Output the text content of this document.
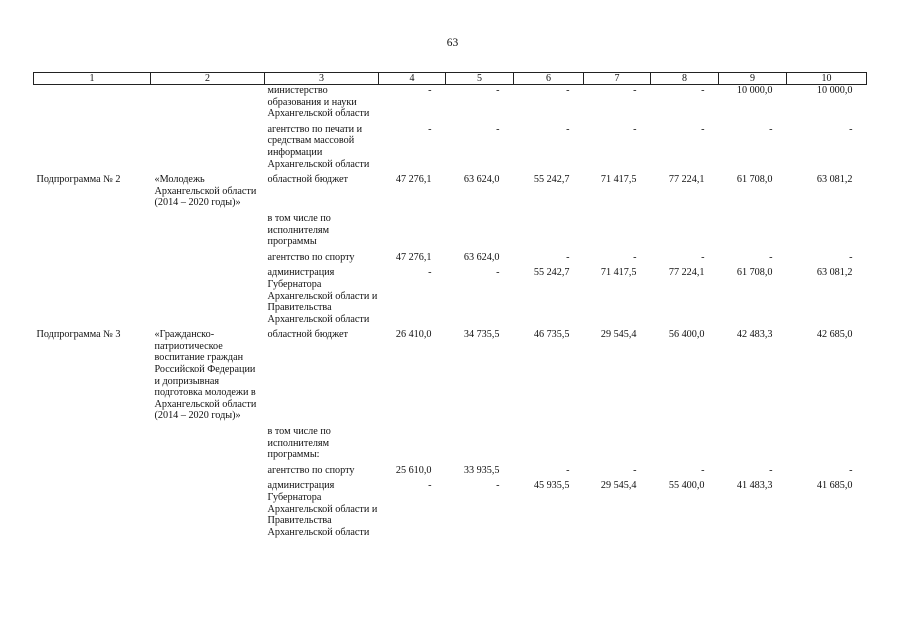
63
1	2	3	4	5	6	7	8	9	10
		министерство образования и науки Архангельской области	-	-	-	-	-	10 000,0	10 000,0
		агентство по печати и средствам массовой информации Архангельской области	-	-	-	-	-	-	-
Подпрограмма № 2	«Молодежь Архангельской области (2014 – 2020 годы)»	областной бюджет	47 276,1	63 624,0	55 242,7	71 417,5	77 224,1	61 708,0	63 081,2
		в том числе по исполнителям программы							
		агентство по спорту	47 276,1	63 624,0	-	-	-	-	-
		администрация Губернатора Архангельской области и Правительства Архангельской области	-	-	55 242,7	71 417,5	77 224,1	61 708,0	63 081,2
Подпрограмма № 3	«Гражданско-патриотическое воспитание граждан Российской Федерации и допризывная подготовка молодежи в Архангельской области (2014 – 2020 годы)»	областной бюджет	26 410,0	34 735,5	46 735,5	29 545,4	56 400,0	42 483,3	42 685,0
		в том числе по исполнителям программы:							
		агентство по спорту	25 610,0	33 935,5	-	-	-	-	-
		администрация Губернатора Архангельской области и Правительства Архангельской области	-	-	45 935,5	29 545,4	55 400,0	41 483,3	41 685,0
